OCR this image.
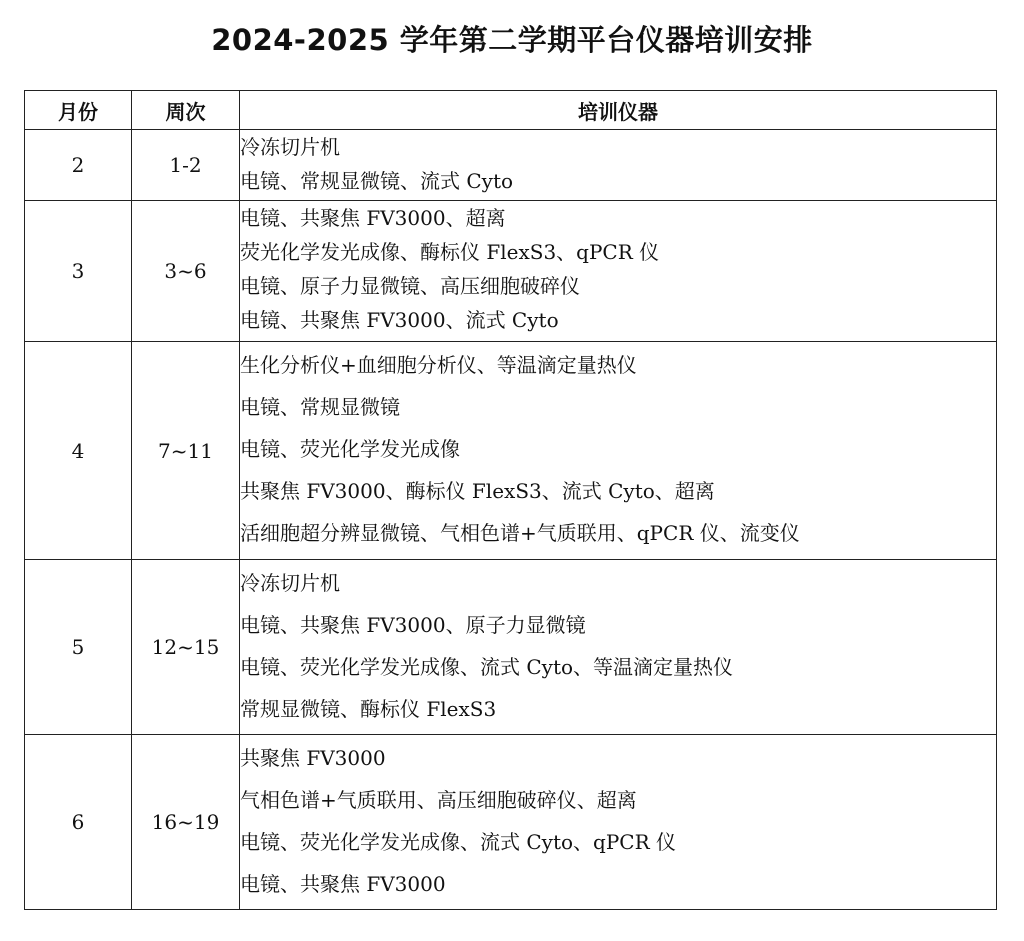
2024-2025 学年第二学期平台仪器培训安排
月份	周次	培训仪器
2	1-2	冷冻切片机
电镜、常规显微镜、流式 Cyto

3	3~6	电镜、共聚焦 FV3000、超离
荧光化学发光成像、酶标仪 FlexS3、qPCR 仪
电镜、原子力显微镜、高压细胞破碎仪
电镜、共聚焦 FV3000、流式 Cyto

4	7~11	生化分析仪+血细胞分析仪、等温滴定量热仪
电镜、常规显微镜
电镜、荧光化学发光成像
共聚焦 FV3000、酶标仪 FlexS3、流式 Cyto、超离
活细胞超分辨显微镜、气相色谱+气质联用、qPCR 仪、流变仪

5	12~15	冷冻切片机
电镜、共聚焦 FV3000、原子力显微镜
电镜、荧光化学发光成像、流式 Cyto、等温滴定量热仪
常规显微镜、酶标仪 FlexS3

6	16~19	共聚焦 FV3000
气相色谱+气质联用、高压细胞破碎仪、超离
电镜、荧光化学发光成像、流式 Cyto、qPCR 仪
电镜、共聚焦 FV3000
